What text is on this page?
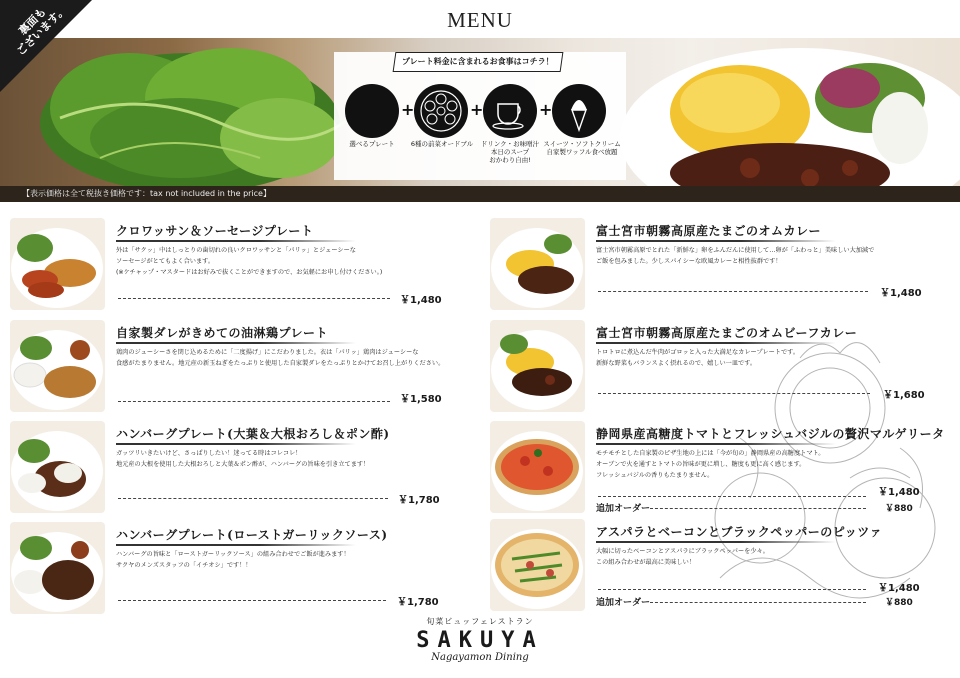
MENU
プレート料金に含まれるお食事はコチラ！
+	+	+
選べるプレート	6種の前菜オードブル	ドリンク・お味噌汁
本日のスープ
おかわり自由!
スイーツ・ソフトクリーム
自家製ワッフル食べ放題
【表示価格は全て税抜き価格です：tax not included in the price】
裏面も
ございます。
クロワッサン＆ソーセージプレート
外は「サクッ」中はしっとりの歯切れの良いクロワッサンと「パリッ」とジューシーな
ソーセージがとてもよく合います。
(※ケチャップ・マスタードはお好みで抜くことができますので、お気軽にお申し付けください。)
￥1,480
自家製ダレがきめての油淋鶏プレート
鶏肉のジューシーさを閉じ込めるために「二度揚げ」にこだわりました。衣は「パリッ」鶏肉はジューシーな
食感がたまりません。地元産の新玉ねぎをたっぷりと使用した自家製ダレをたっぷりとかけてお召し上がりください。
￥1,580
ハンバーグプレート(大葉＆大根おろし＆ポン酢)
ガッツリいきたいけど、さっぱりしたい！迷ってる時はコレコレ！
地元産の大根を使用した大根おろしと大葉＆ポン酢が、ハンバーグの旨味を引き立てます！
￥1,780
ハンバーグプレート(ローストガーリックソース)
ハンバーグの旨味と「ローストガーリックソース」の組み合わせでご飯が進みます！
サクヤのメンズスタッフの「イチオシ」です！！
￥1,780
富士宮市朝霧高原産たまごのオムカレー
富士宮市朝霧高原でとれた「新鮮な」卵をふんだんに使用して…卵が「ふわっと」美味しい大加減で
ご飯を包みました。少しスパイシーな欧風カレーと相性抜群です！
￥1,480
富士宮市朝霧高原産たまごのオムビーフカレー
トロトロに煮込んだ牛肉がゴロッと入った大満足なカレープレートです。
新鮮な野菜もバランスよく摂れるので、嬉しい一皿です。
￥1,680
静岡県産高糖度トマトとフレッシュバジルの贅沢マルゲリータ
モチモチとした自家製のピザ生地の上には「今が旬の」静岡県産の高糖度トマト。
オーブンで火を通すとトマトの旨味が更に増し、糖度も更に高く感じます。
フレッシュバジルの香りもたまりません。
￥1,480
追加オーダー	￥880
アスパラとベーコンとブラックペッパーのピッツァ
大幅に切ったベーコンとアスパラにブラックペッパーを少々。
この組み合わせが最高に美味しい！
￥1,480
追加オーダー	￥880
旬菜ビュッフェレストラン
SAKUYA
Nagayamon Dining
